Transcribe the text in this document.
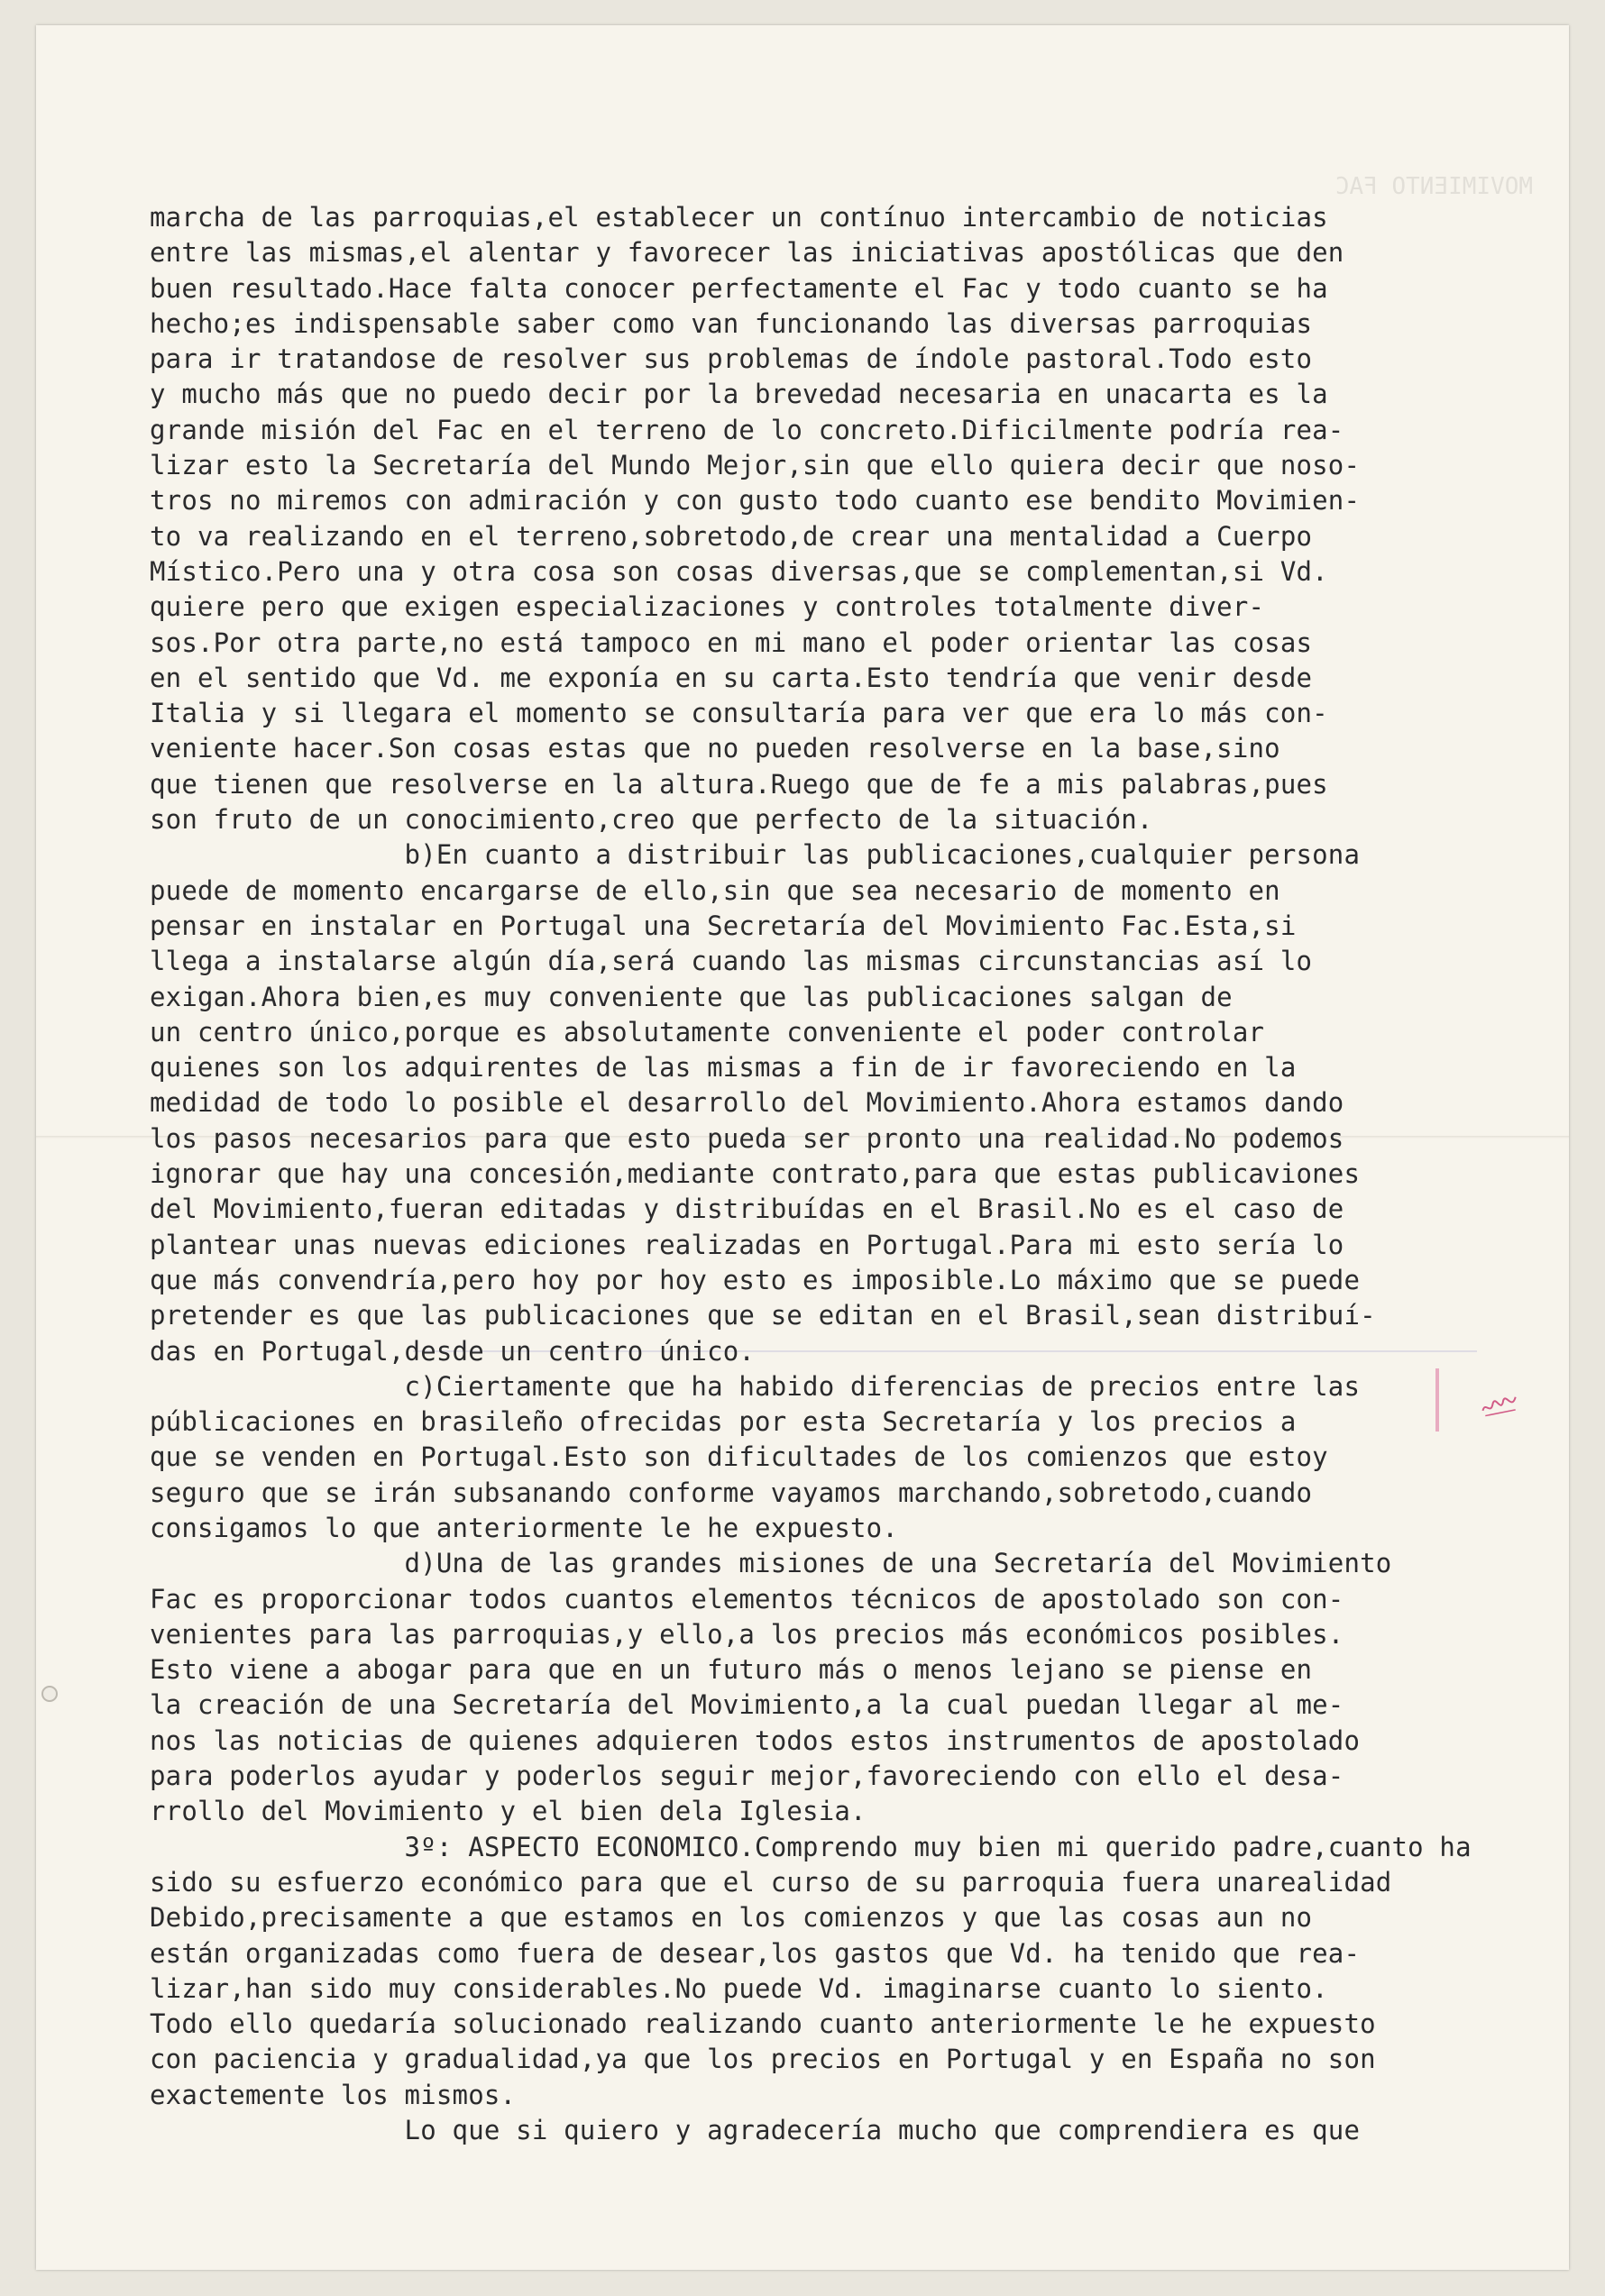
MOVIMIENTO FAC

marcha de las parroquias,el establecer un contínuo intercambio de noticias
entre las mismas,el alentar y favorecer las iniciativas apostólicas que den
buen resultado.Hace falta conocer perfectamente el Fac y todo cuanto se ha
hecho;es indispensable saber como van funcionando las diversas parroquias
para ir tratandose de resolver sus problemas de índole pastoral.Todo esto
y mucho más que no puedo decir por la brevedad necesaria en unacarta es la
grande misión del Fac en el terreno de lo concreto.Dificilmente podría rea-
lizar esto la Secretaría del Mundo Mejor,sin que ello quiera decir que noso-
tros no miremos con admiración y con gusto todo cuanto ese bendito Movimien-
to va realizando en el terreno,sobretodo,de crear una mentalidad a Cuerpo
Místico.Pero una y otra cosa son cosas diversas,que se complementan,si Vd.
quiere pero que exigen especializaciones y controles totalmente diver-
sos.Por otra parte,no está tampoco en mi mano el poder orientar las cosas
en el sentido que Vd. me exponía en su carta.Esto tendría que venir desde
Italia y si llegara el momento se consultaría para ver que era lo más con-
veniente hacer.Son cosas estas que no pueden resolverse en la base,sino
que tienen que resolverse en la altura.Ruego que de fe a mis palabras,pues
son fruto de un conocimiento,creo que perfecto de la situación.
b)En cuanto a distribuir las publicaciones,cualquier persona
puede de momento encargarse de ello,sin que sea necesario de momento en
pensar en instalar en Portugal una Secretaría del Movimiento Fac.Esta,si
llega a instalarse algún día,será cuando las mismas circunstancias así lo
exigan.Ahora bien,es muy conveniente que las publicaciones salgan de
un centro único,porque es absolutamente conveniente el poder controlar
quienes son los adquirentes de las mismas a fin de ir favoreciendo en la
medidad de todo lo posible el desarrollo del Movimiento.Ahora estamos dando
los pasos necesarios para que esto pueda ser pronto una realidad.No podemos
ignorar que hay una concesión,mediante contrato,para que estas publicaviones
del Movimiento,fueran editadas y distribuídas en el Brasil.No es el caso de
plantear unas nuevas ediciones realizadas en Portugal.Para mi esto sería lo
que más convendría,pero hoy por hoy esto es imposible.Lo máximo que se puede
pretender es que las publicaciones que se editan en el Brasil,sean distribuí-
das en Portugal,desde un centro único.
c)Ciertamente que ha habido diferencias de precios entre las
públicaciones en brasileño ofrecidas por esta Secretaría y los precios a
que se venden en Portugal.Esto son dificultades de los comienzos que estoy
seguro que se irán subsanando conforme vayamos marchando,sobretodo,cuando
consigamos lo que anteriormente le he expuesto.
d)Una de las grandes misiones de una Secretaría del Movimiento
Fac es proporcionar todos cuantos elementos técnicos de apostolado son con-
venientes para las parroquias,y ello,a los precios más económicos posibles.
Esto viene a abogar para que en un futuro más o menos lejano se piense en
la creación de una Secretaría del Movimiento,a la cual puedan llegar al me-
nos las noticias de quienes adquieren todos estos instrumentos de apostolado
para poderlos ayudar y poderlos seguir mejor,favoreciendo con ello el desa-
rrollo del Movimiento y el bien dela Iglesia.
3º: ASPECTO ECONOMICO.Comprendo muy bien mi querido padre,cuanto ha
sido su esfuerzo económico para que el curso de su parroquia fuera unarealidad
Debido,precisamente a que estamos en los comienzos y que las cosas aun no
están organizadas como fuera de desear,los gastos que Vd. ha tenido que rea-
lizar,han sido muy considerables.No puede Vd. imaginarse cuanto lo siento.
Todo ello quedaría solucionado realizando cuanto anteriormente le he expuesto
con paciencia y gradualidad,ya que los precios en Portugal y en España no son
exactemente los mismos.
Lo que si quiero y agradecería mucho que comprendiera es que
